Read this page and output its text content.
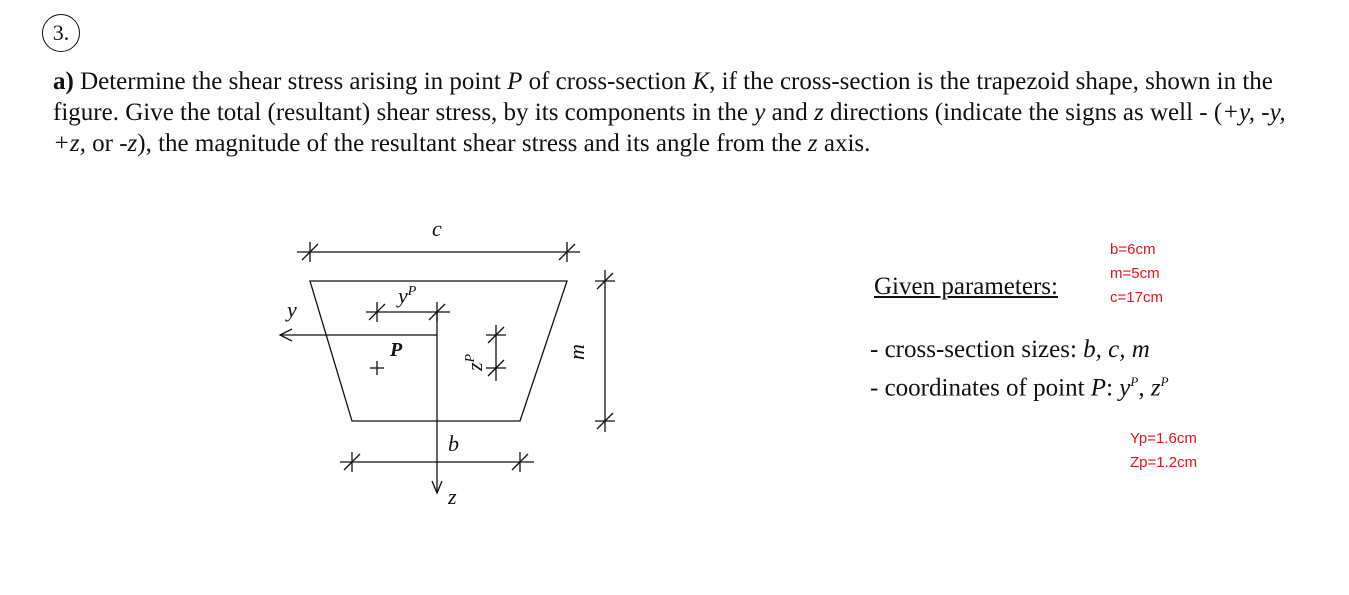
3.

a) Determine the shear stress arising in point P of cross-section K, if the cross-section is the trapezoid shape, shown in the figure. Give the total (resultant) shear stress, by its components in the y and z directions (indicate the signs as well - (+y, -y, +z, or -z), the magnitude of the resultant shear stress and its angle from the z axis.

c
$y^P$
y
P
$z^P$	m
b
z
Given parameters:
b=6cm
m=5cm
c=17cm
- cross-section sizes: b, c, m
- coordinates of point P: $y^P$, $z^P$
Yp=1.6cm
Zp=1.2cm
